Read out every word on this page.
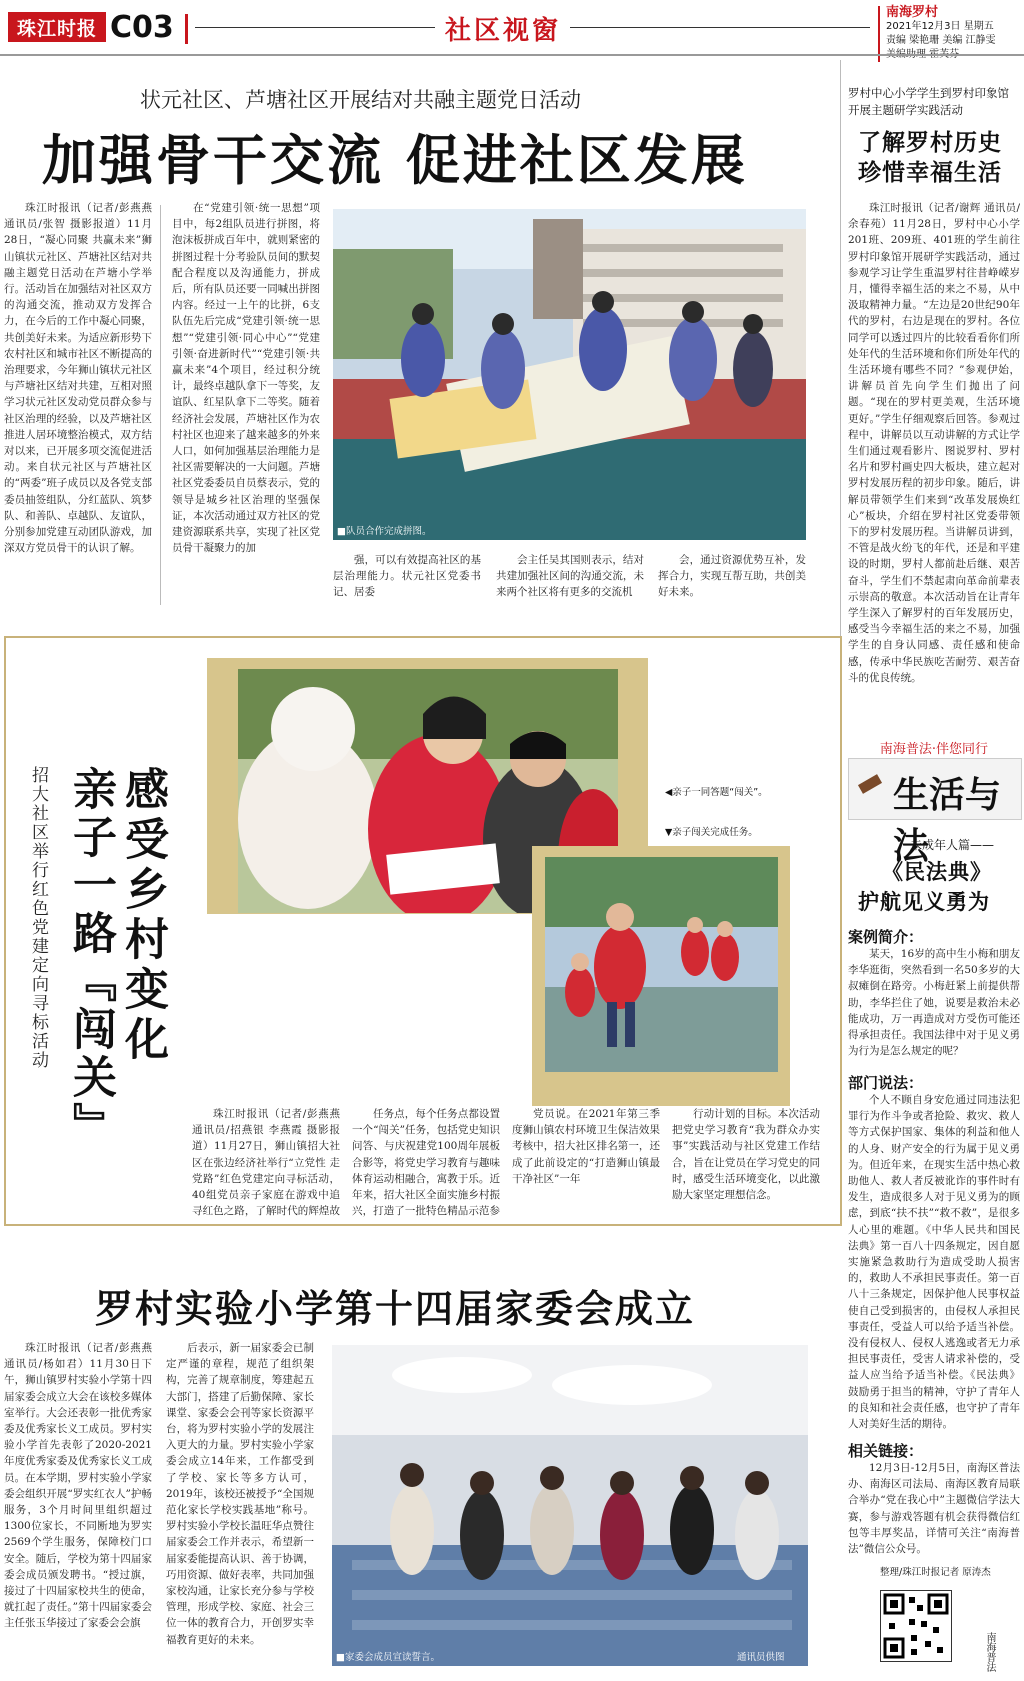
珠江时报 C03	社区视窗
南海罗村
2021年12月3日 星期五
责编 梁艳珊 美编 江静雯
状元社区、芦塘社区开展结对共融主题党日活动
加强骨干交流 促进社区发展

珠江时报讯（记者/彭燕燕 通讯员/张智 摄影报道）11月28日，“凝心同聚 共赢未来”狮山镇状元社区、芦塘社区结对共融主题党日活动在芦塘小学举行。活动旨在加强结对社区双方的沟通交流，推动双方发挥合力，在今后的工作中凝心同聚，共创美好未来。为适应新形势下农村社区和城市社区不断提高的治理要求，今年狮山镇状元社区与芦塘社区结对共建，互相对照学习状元社区发动党员群众参与社区治理的经验，以及芦塘社区推进人居环境整治模式，双方结对以来，已开展多项交流促进活动。来自状元社区与芦塘社区的“两委”班子成员以及各党支部委员抽签组队，分红蓝队、筑梦队、和善队、卓越队、友谊队，分别参加党建互动团队游戏，加深双方党员骨干的认识了解。

在“党建引领·统一思想”项目中，每2组队员进行拼图，将泡沫板拼成百年中，就则紧密的拼图过程十分考验队员间的默契配合程度以及沟通能力，拼成后，所有队员还要一同喊出拼图内容。经过一上午的比拼，6支队伍先后完成“党建引领·统一思想”“党建引领·同心中心”“党建引领·奋进新时代”“党建引领·共赢未来”4个项目，经过积分统计，最终卓越队拿下一等奖，友谊队、红星队拿下二等奖。随着经济社会发展，芦塘社区作为农村社区也迎来了越来越多的外来人口，如何加强基层治理能力是社区需要解决的一大问题。芦塘社区党委委员自员蔡表示，党的领导是城乡社区治理的坚强保证，本次活动通过双方社区的党建资源联系共享，实现了社区党员骨干凝聚力的加

■队员合作完成拼图。

强，可以有效提高社区的基层治理能力。状元社区党委书记、居委

会主任吴其国则表示，结对共建加强社区间的沟通交流，未来两个社区将有更多的交流机

会，通过资源优势互补，发挥合力，实现互帮互助，共创美好未来。

罗村中心小学学生到罗村印象馆开展主题研学实践活动
了解罗村历史
珍惜幸福生活

珠江时报讯（记者/谢辉 通讯员/余春苑）11月28日，罗村中心小学201班、209班、401班的学生前往罗村印象馆开展研学实践活动，通过参观学习让学生重温罗村往昔峥嵘岁月，懂得幸福生活的来之不易，从中汲取精神力量。“左边是20世纪90年代的罗村，右边是现在的罗村。各位同学可以透过四片的比较看看你们所处年代的生活环境和你们所处年代的生活环境有哪些不同？”参观伊始，讲解员首先向学生们抛出了问题。“现在的罗村更美观，生活环境更好。”学生仔细观察后回答。参观过程中，讲解员以互动讲解的方式让学生们通过观看影片、图说罗村、罗村名片和罗村画史四大板块，建立起对罗村发展历程的初步印象。随后，讲解员带领学生们来到“改革发展焕红心”板块，介绍在罗村社区党委带领下的罗村发展历程。当讲解员讲到，不管是战火纷飞的年代，还是和平建设的时期，罗村人都前赴后继、艰苦奋斗，学生们不禁起肃向革命前辈表示崇高的敬意。本次活动旨在让青年学生深入了解罗村的百年发展历史，感受当今幸福生活的来之不易，加强学生的自身认同感、责任感和使命感，传承中华民族吃苦耐劳、艰苦奋斗的优良传统。

感受乡村变化
亲子一路『闯关』
招大社区举行红色党建定向寻标活动	◀亲子一同答题“闯关”。
▼亲子闯关完成任务。

珠江时报讯（记者/彭燕燕 通讯员/招燕银 李燕霞 摄影报道）11月27日，狮山镇招大社区在张边经济社举行“立党性 走党路”红色党建定向寻标活动，40组党员亲子家庭在游戏中追寻红色之路，了解时代的辉煌故

任务点，每个任务点都设置一个“闯关”任务，包括党史知识问答、与庆祝建党100周年展板合影等，将党史学习教育与趣味体育运动相融合，寓教于乐。近年来，招大社区全面实施乡村振兴，打造了一批特色精品示范参

党员说。在2021年第三季度狮山镇农村环境卫生保洁效果考核中，招大社区排名第一，还成了此前设定的“打造狮山镇最干净社区”一年

行动计划的目标。本次活动把党史学习教育“我为群众办实事”实践活动与社区党建工作结合，旨在让党员在学习党史的同时，感受生活环境变化，以此激励大家坚定理想信念。

南海普法·伴您同行
生活与法
未成年人篇——
《民法典》
护航见义勇为
案例简介：

某天，16岁的高中生小梅和朋友李华逛街，突然看到一名50多岁的大叔瘫倒在路旁。小梅赶紧上前提供帮助，李华拦住了她，说要是救治未必能成功，万一再造成对方受伤可能还得承担责任。我国法律中对于见义勇为行为是怎么规定的呢？

部门说法：

个人不顾自身安危通过同违法犯罪行为作斗争或者抢险、救灾、救人等方式保护国家、集体的利益和他人的人身、财产安全的行为属于见义勇为。但近年来，在现实生活中热心救助他人、救人者反被讹诈的事件时有发生，造成很多人对于见义勇为的顾虑，到底“扶不扶”“救不救”，是很多人心里的难题。《中华人民共和国民法典》第一百八十四条规定，因自愿实施紧急救助行为造成受助人损害的，救助人不承担民事责任。第一百八十三条规定，因保护他人民事权益使自己受到损害的，由侵权人承担民事责任，受益人可以给予适当补偿。没有侵权人、侵权人逃逸或者无力承担民事责任，受害人请求补偿的，受益人应当给予适当补偿。《民法典》鼓励勇于担当的精神，守护了青年人的良知和社会责任感，也守护了青年人对美好生活的期待。

相关链接：

12月3日-12月5日，南海区普法办、南海区司法局、南海区教育局联合举办“党在我心中”主题微信学法大赛，参与游戏答题有机会获得微信红包等丰厚奖品，详情可关注“南海普法”微信公众号。

整理/珠江时报记者 原涛杰
南海普法
罗村实验小学第十四届家委会成立

珠江时报讯（记者/彭燕燕 通讯员/杨如君）11月30日下午，狮山镇罗村实验小学第十四届家委会成立大会在该校多媒体室举行。大会还表彰一批优秀家委及优秀家长义工成员。罗村实验小学首先表彰了2020-2021年度优秀家委及优秀家长义工成员。在本学期，罗村实验小学家委会组织开展“罗实红衣人”护畅服务，3个月时间里组织超过1300位家长，不同断地为罗实2569个学生服务，保障校门口安全。随后，学校为第十四届家委会成员颁发聘书。“授过旗，接过了十四届家校共生的使命，就扛起了责任。”第十四届家委会主任张玉华接过了家委会会旗

后表示，新一届家委会已制定严谨的章程，规范了组织架构，完善了规章制度，筹建起五大部门，搭建了后勤保障、家长课堂、家委会会刊等家长资源平台，将为罗村实验小学的发展注入更大的力量。罗村实验小学家委会成立14年来，工作都受到了学校、家长等多方认可，2019年，该校还被授予“全国规范化家长学校实践基地”称号。罗村实验小学校长温旺华点赞往届家委会工作并表示，希望新一届家委能提高认识、善于协调，巧用资源、做好表率，共同加强家校沟通，让家长充分参与学校管理，形成学校、家庭、社会三位一体的教育合力，开创罗实幸福教育更好的未来。

■家委会成员宣读誓言。	通讯员供图
